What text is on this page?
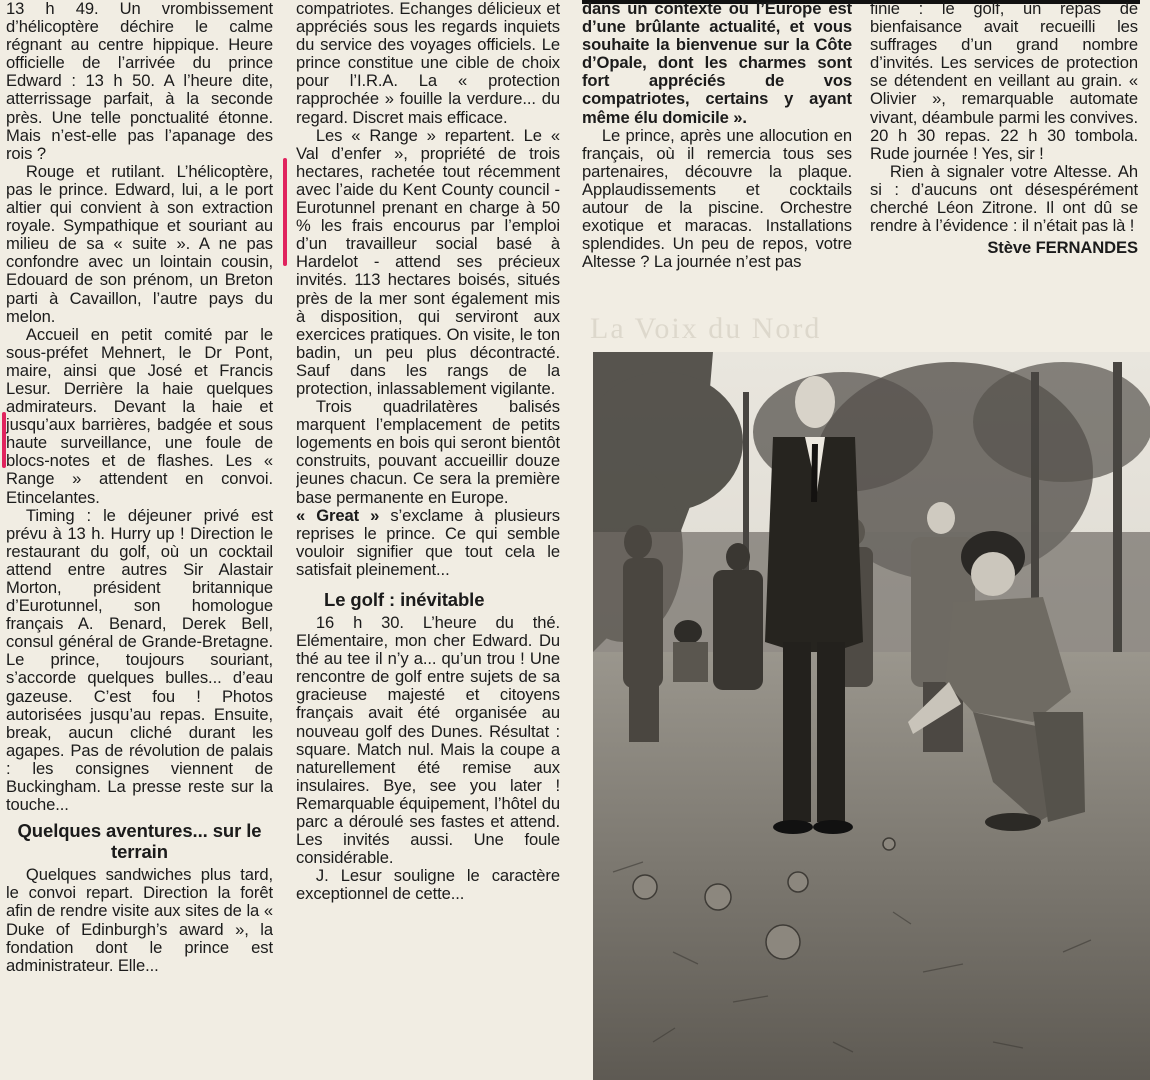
13 h 49. Un vrombissement d’hélicoptère déchire le calme régnant au centre hippique. Heure officielle de l’arrivée du prince Edward : 13 h 50. A l’heure dite, atterrissage parfait, à la seconde près. Une telle ponctualité étonne. Mais n’est-elle pas l’apanage des rois ?

Rouge et rutilant. L’hélicoptère, pas le prince. Edward, lui, a le port altier qui convient à son extraction royale. Sympathique et souriant au milieu de sa « suite ». A ne pas confondre avec un lointain cousin, Edouard de son prénom, un Breton parti à Cavaillon, l’autre pays du melon.

Accueil en petit comité par le sous-préfet Mehnert, le Dr Pont, maire, ainsi que José et Francis Lesur. Derrière la haie quelques admirateurs. Devant la haie et jusqu’aux barrières, badgée et sous haute surveillance, une foule de blocs-notes et de flashes. Les « Range » attendent en convoi. Etincelantes.

Timing : le déjeuner privé est prévu à 13 h. Hurry up ! Direction le restaurant du golf, où un cocktail attend entre autres Sir Alastair Morton, président britannique d’Eurotunnel, son homologue français A. Benard, Derek Bell, consul général de Grande-Bretagne. Le prince, toujours souriant, s’accorde quelques bulles... d’eau gazeuse. C’est fou ! Photos autorisées jusqu’au repas. Ensuite, break, aucun cliché durant les agapes. Pas de révolution de palais : les consignes viennent de Buckingham. La presse reste sur la touche...

Quelques aventures... sur le terrain

Quelques sandwiches plus tard, le convoi repart. Direction la forêt afin de rendre visite aux sites de la « Duke of Edinburgh’s award », la fondation dont le prince est administrateur. Elle...

compatriotes. Echanges délicieux et appréciés sous les regards inquiets du service des voyages officiels. Le prince constitue une cible de choix pour l’I.R.A. La « protection rapprochée » fouille la verdure... du regard. Discret mais efficace.

Les « Range » repartent. Le « Val d’enfer », propriété de trois hectares, rachetée tout récemment avec l’aide du Kent County council - Eurotunnel prenant en charge à 50 % les frais encourus par l’emploi d’un travailleur social basé à Hardelot - attend ses précieux invités. 113 hectares boisés, situés près de la mer sont également mis à disposition, qui serviront aux exercices pratiques. On visite, le ton badin, un peu plus décontracté. Sauf dans les rangs de la protection, inlassablement vigilante.

Trois quadrilatères balisés marquent l’emplacement de petits logements en bois qui seront bientôt construits, pouvant accueillir douze jeunes chacun. Ce sera la première base permanente en Europe.

« Great » s’exclame à plusieurs reprises le prince. Ce qui semble vouloir signifier que tout cela le satisfait pleinement...

Le golf : inévitable

16 h 30. L’heure du thé. Elémentaire, mon cher Edward. Du thé au tee il n’y a... qu’un trou ! Une rencontre de golf entre sujets de sa gracieuse majesté et citoyens français avait été organisée au nouveau golf des Dunes. Résultat : square. Match nul. Mais la coupe a naturellement été remise aux insulaires. Bye, see you later ! Remarquable équipement, l’hôtel du parc a déroulé ses fastes et attend. Les invités aussi. Une foule considérable.

J. Lesur souligne le caractère exceptionnel de cette...

dans un contexte où l’Europe est d’une brûlante actualité, et vous souhaite la bienvenue sur la Côte d’Opale, dont les charmes sont fort appréciés de vos compatriotes, certains y ayant même élu domicile ».

Le prince, après une allocution en français, où il remercia tous ses partenaires, découvre la plaque. Applaudissements et cocktails autour de la piscine. Orchestre exotique et maracas. Installations splendides. Un peu de repos, votre Altesse ? La journée n’est pas

finie : le golf, un repas de bienfaisance avait recueilli les suffrages d’un grand nombre d’invités. Les services de protection se détendent en veillant au grain. « Olivier », remarquable automate vivant, déambule parmi les convives. 20 h 30 repas. 22 h 30 tombola. Rude journée ! Yes, sir !

Rien à signaler votre Altesse. Ah si : d’aucuns ont désespérément cherché Léon Zitrone. Il ont dû se rendre à l’évidence : il n’était pas là !

Stève FERNANDES
La Voix du Nord
